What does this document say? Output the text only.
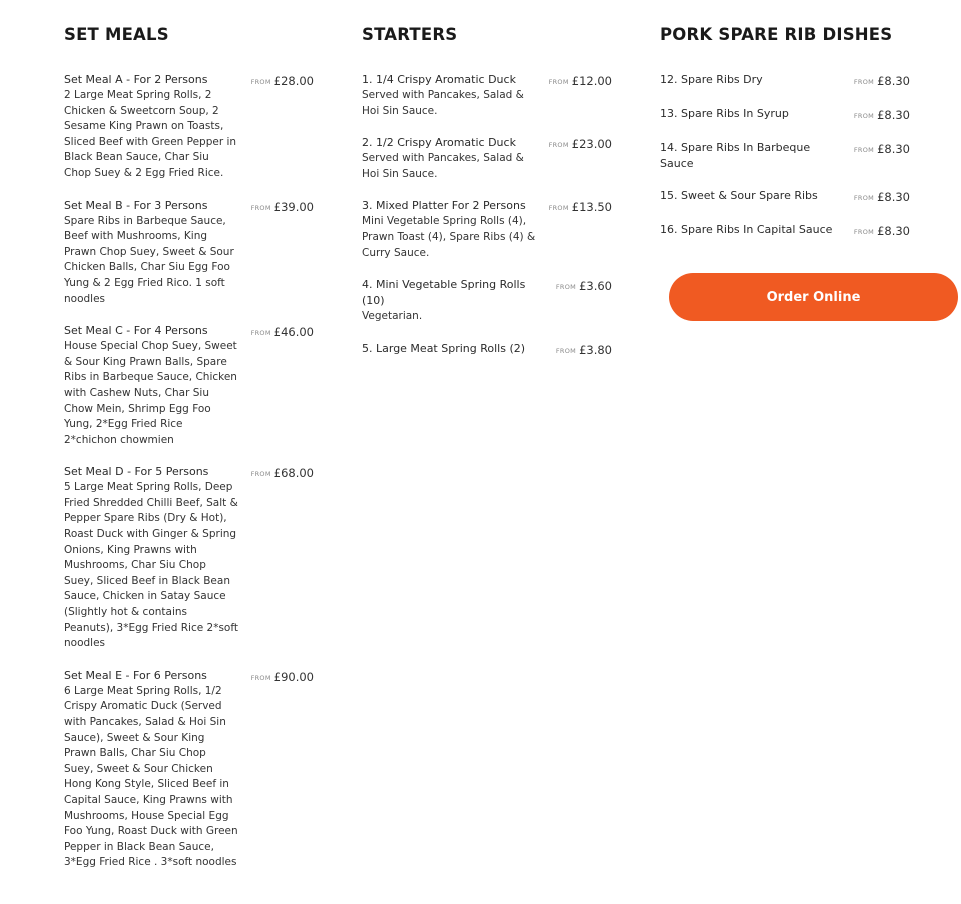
SET MEALS
Set Meal A - For 2 Persons
2 Large Meat Spring Rolls, 2 Chicken & Sweetcorn Soup, 2 Sesame King Prawn on Toasts, Sliced Beef with Green Pepper in Black Bean Sauce, Char Siu Chop Suey & 2 Egg Fried Rice.
FROM £28.00
Set Meal B - For 3 Persons
Spare Ribs in Barbeque Sauce, Beef with Mushrooms, King Prawn Chop Suey, Sweet & Sour Chicken Balls, Char Siu Egg Foo Yung & 2 Egg Fried Rico. 1 soft noodles
FROM £39.00
Set Meal C - For 4 Persons
House Special Chop Suey, Sweet & Sour King Prawn Balls, Spare Ribs in Barbeque Sauce, Chicken with Cashew Nuts, Char Siu Chow Mein, Shrimp Egg Foo Yung, 2*Egg Fried Rice 2*chichon chowmien
FROM £46.00
Set Meal D - For 5 Persons
5 Large Meat Spring Rolls, Deep Fried Shredded Chilli Beef, Salt & Pepper Spare Ribs (Dry & Hot), Roast Duck with Ginger & Spring Onions, King Prawns with Mushrooms, Char Siu Chop Suey, Sliced Beef in Black Bean Sauce, Chicken in Satay Sauce (Slightly hot & contains Peanuts), 3*Egg Fried Rice 2*soft noodles
FROM £68.00
Set Meal E - For 6 Persons
6 Large Meat Spring Rolls, 1/2 Crispy Aromatic Duck (Served with Pancakes, Salad & Hoi Sin Sauce), Sweet & Sour King Prawn Balls, Char Siu Chop Suey, Sweet & Sour Chicken Hong Kong Style, Sliced Beef in Capital Sauce, King Prawns with Mushrooms, House Special Egg Foo Yung, Roast Duck with Green Pepper in Black Bean Sauce, 3*Egg Fried Rice . 3*soft noodles
FROM £90.00
STARTERS
1. 1/4 Crispy Aromatic Duck
Served with Pancakes, Salad & Hoi Sin Sauce.
FROM £12.00
2. 1/2 Crispy Aromatic Duck
Served with Pancakes, Salad & Hoi Sin Sauce.
FROM £23.00
3. Mixed Platter For 2 Persons
Mini Vegetable Spring Rolls (4), Prawn Toast (4), Spare Ribs (4) & Curry Sauce.
FROM £13.50
4. Mini Vegetable Spring Rolls (10)
Vegetarian.
FROM £3.60
5. Large Meat Spring Rolls (2)	FROM £3.80
PORK SPARE RIB DISHES
12. Spare Ribs Dry	FROM £8.30
13. Spare Ribs In Syrup	FROM £8.30
14. Spare Ribs In Barbeque Sauce
FROM £8.30
15. Sweet & Sour Spare Ribs	FROM £8.30
16. Spare Ribs In Capital Sauce	FROM £8.30
Order Online
